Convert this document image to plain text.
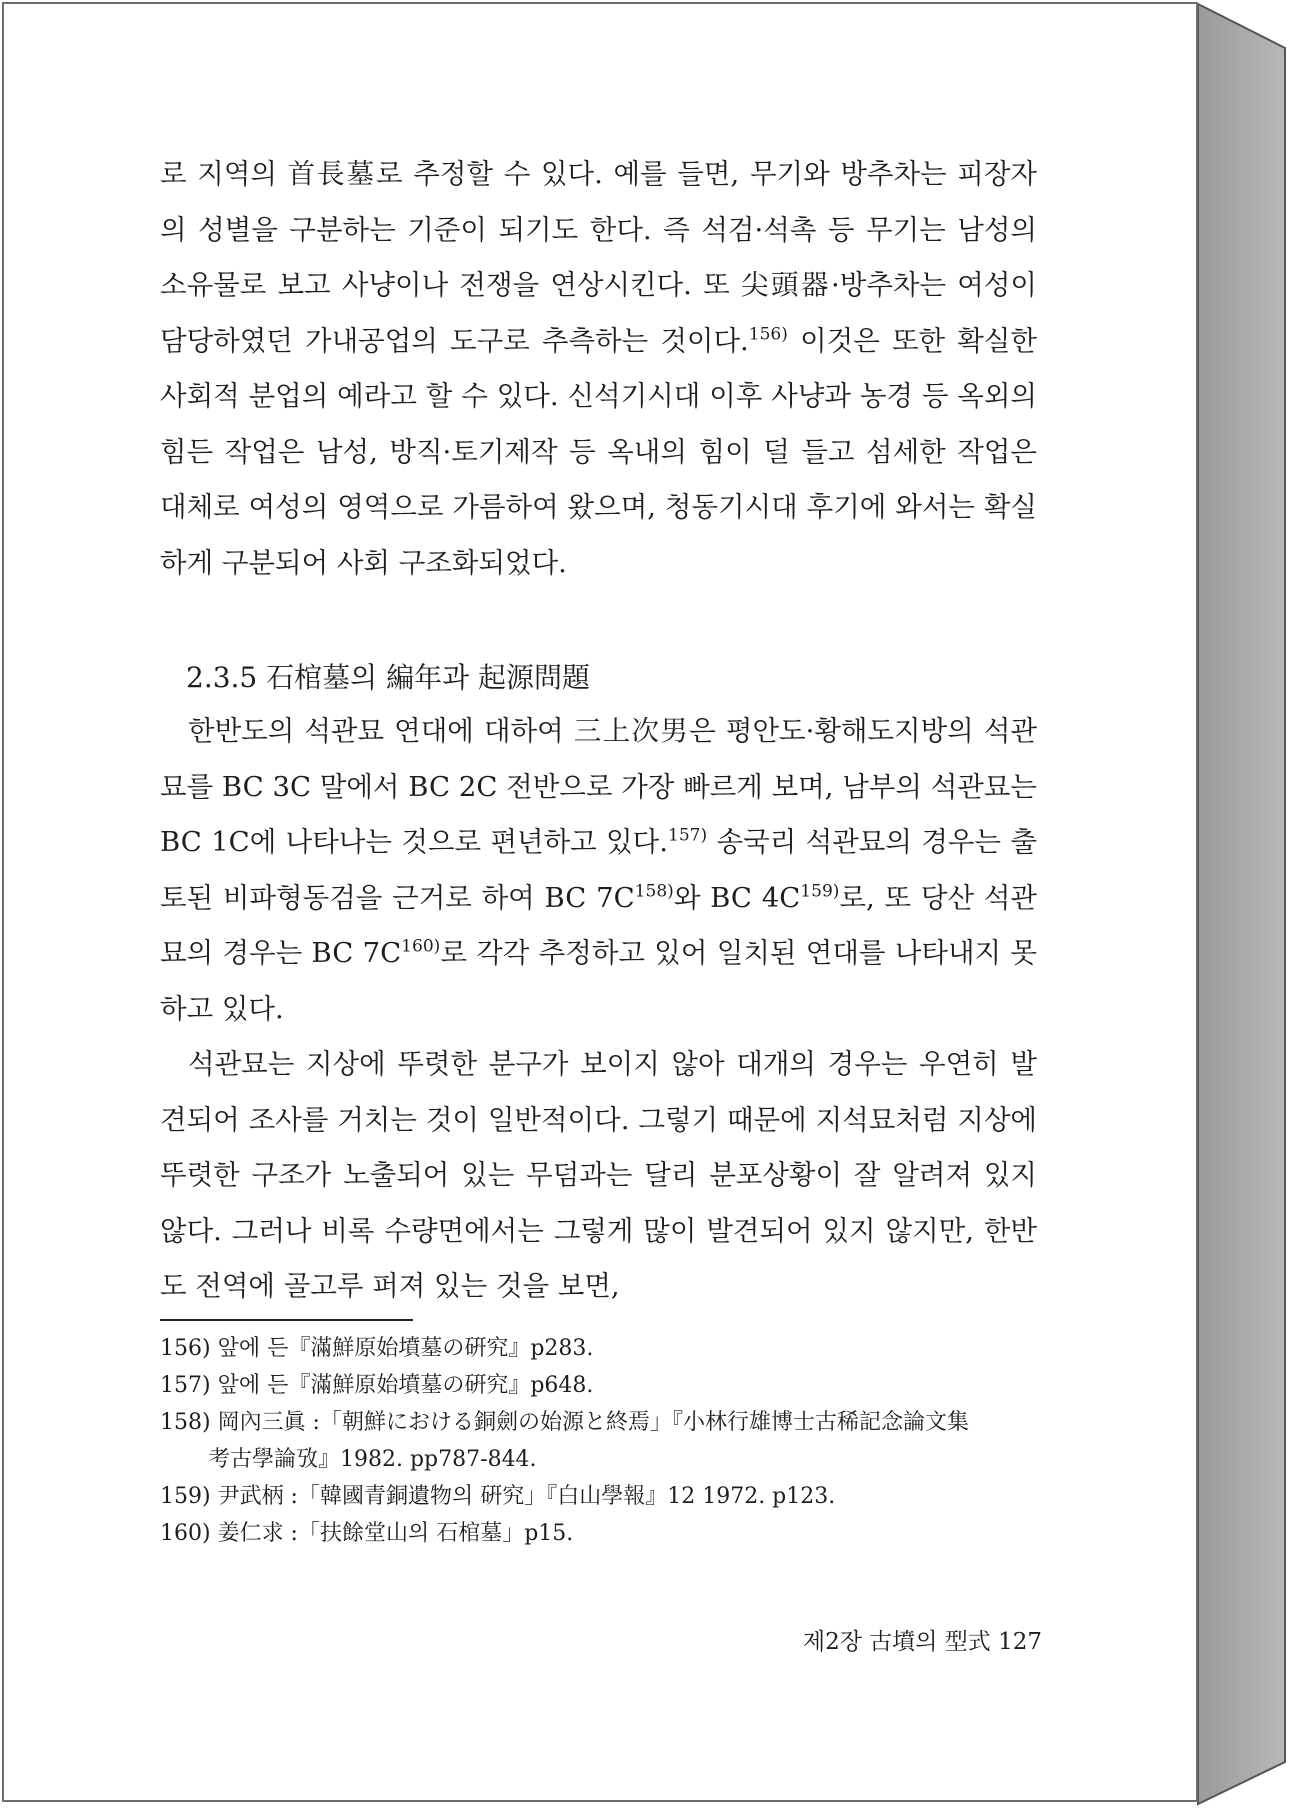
로 지역의 首長墓로 추정할 수 있다. 예를 들면, 무기와 방추차는 피장자의 성별을 구분하는 기준이 되기도 한다. 즉 석검·석촉 등 무기는 남성의 소유물로 보고 사냥이나 전쟁을 연상시킨다. 또 尖頭器·방추차는 여성이 담당하였던 가내공업의 도구로 추측하는 것이다.$^{156)}$ 이것은 또한 확실한 사회적 분업의 예라고 할 수 있다. 신석기시대 이후 사냥과 농경 등 옥외의 힘든 작업은 남성, 방직·토기제작 등 옥내의 힘이 덜 들고 섬세한 작업은 대체로 여성의 영역으로 가름하여 왔으며, 청동기시대 후기에 와서는 확실하게 구분되어 사회 구조화되었다.

2.3.5 石棺墓의 編年과 起源問題

한반도의 석관묘 연대에 대하여 三上次男은 평안도·황해도지방의 석관묘를 BC 3C 말에서 BC 2C 전반으로 가장 빠르게 보며, 남부의 석관묘는 BC 1C에 나타나는 것으로 편년하고 있다.$^{157)}$ 송국리 석관묘의 경우는 출토된 비파형동검을 근거로 하여 BC $7C^{158)}$와 BC $4C^{159)}$로, 또 당산 석관묘의 경우는 BC $7C^{160)}$로 각각 추정하고 있어 일치된 연대를 나타내지 못하고 있다.

석관묘는 지상에 뚜렷한 분구가 보이지 않아 대개의 경우는 우연히 발견되어 조사를 거치는 것이 일반적이다. 그렇기 때문에 지석묘처럼 지상에 뚜렷한 구조가 노출되어 있는 무덤과는 달리 분포상황이 잘 알려져 있지 않다. 그러나 비록 수량면에서는 그렇게 많이 발견되어 있지 않지만, 한반도 전역에 골고루 퍼져 있는 것을 보면,

156) 앞에 든『滿鮮原始墳墓の硏究』p283.
157) 앞에 든『滿鮮原始墳墓の硏究』p648.
158) 岡內三眞 :「朝鮮における銅劍の始源と終焉」『小林行雄博士古稀記念論文集
考古學論攷』1982. pp787-844.
159) 尹武柄 :「韓國青銅遺物의 硏究」『白山學報』12 1972. p123.
160) 姜仁求 :「扶餘堂山의 石棺墓」p15.
제2장 古墳의 型式 127
